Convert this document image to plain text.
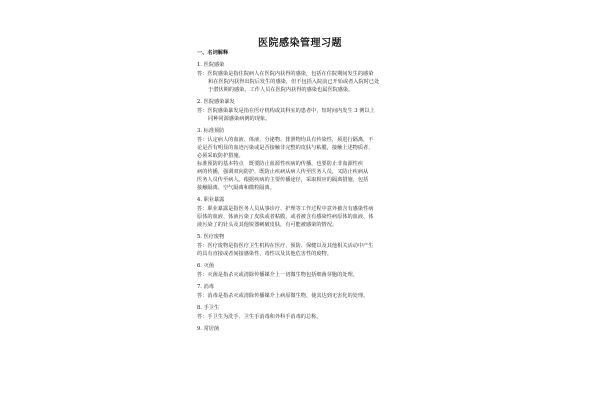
医院感染管理习题
一、名词解释
1. 医院感染
答：医院感染是指住院病人在医院内获得的感染，包括在住院期间发生的感染
和在医院内获得出院后发生的感染，但不包括入院前已开始或者入院时已处
于潜伏期的感染。工作人员在医院内获得的感染也属医院感染。
2. 医院感染暴发
答：医院感染暴发是指在医疗机构或其科室的患者中，短时间内发生 3 例以上
同种同源感染病例的现象。
3. 标准预防
答：认定病人的血液、体液、分泌物、排泄物均具有传染性，须进行隔离，不
论是否有明显的血迹污染或是否接触非完整的皮肤与粘膜，接触上述物质者，
必须采取防护措施。
标准预防的基本特点　既要防止血源性疾病的传播，也要防止非血源性疾
病的传播，强调双向防护，既防止疾病从病人传至医务人员，又防止疾病从
医务人员传至病人。根据疾病的主要传播途径，采取相应的隔离措施，包括
接触隔离、空气隔离和微粒隔离。
4. 职业暴露
答：职业暴露是指医务人员从事诊疗、护理等工作过程中意外被含有感染性病
原体的血液、体液污染了皮肤或者粘膜，或者被含有感染性病原体的血液、体
液污染了的针头及其他锐器刺破皮肤，有可能被感染的情况。
5. 医疗废物
答：医疗废物是指医疗卫生机构在医疗、预防、保健以及其他相关活动中产生
的具有直接或者间接感染性、毒性以及其他危害性的废物。
6. 灭菌
答：灭菌是指杀灭或清除传播媒介上一切微生物包括细菌芽胞的处理。
7. 消毒
答：消毒是指杀灭或清除传播媒介上病原微生物，使其达到无害化的处理。
8. 手卫生
答：手卫生为洗手、卫生手消毒和外科手消毒的总称。
9. 常居菌
